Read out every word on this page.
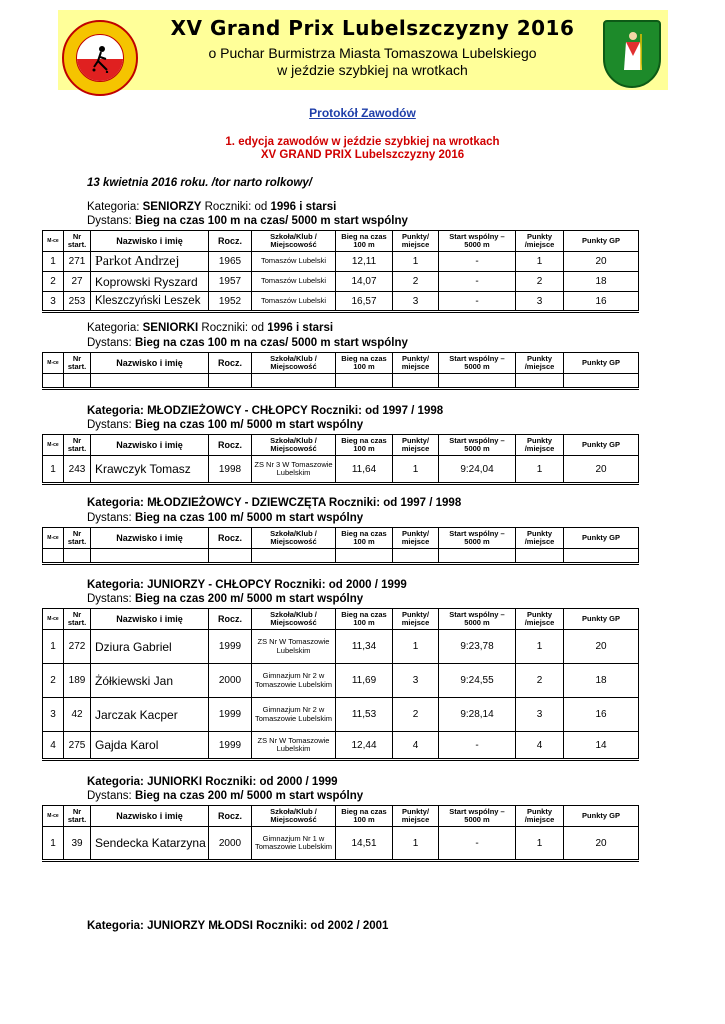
XV Grand Prix Lubelszczyzny 2016
o Puchar Burmistrza Miasta Tomaszowa Lubelskiego
w jeździe szybkiej na wrotkach
Protokół Zawodów
1. edycja zawodów w jeździe szybkiej na wrotkach
XV GRAND PRIX Lubelszczyzny 2016
13 kwietnia 2016 roku. /tor narto rolkowy/
Kategoria: SENIORZY Roczniki: od 1996 i starsi
Dystans: Bieg na czas 100 m na czas/ 5000 m start wspólny
M-ce	Nr start.	Nazwisko i imię	Rocz.	Szkoła/Klub / Miejscowość	Bieg na czas 100 m	Punkty/ miejsce	Start wspólny – 5000 m	Punkty /miejsce	Punkty GP
1	271	Parkot Andrzej	1965	Tomaszów Lubelski	12,11	1	-	1	20
2	27	Koprowski Ryszard	1957	Tomaszów Lubelski	14,07	2	-	2	18
3	253	Kleszczyński Leszek	1952	Tomaszów Lubelski	16,57	3	-	3	16
Kategoria: SENIORKI Roczniki: od 1996 i starsi
Dystans: Bieg na czas 100 m na czas/ 5000 m start wspólny
M-ce	Nr start.	Nazwisko i imię	Rocz.	Szkoła/Klub / Miejscowość	Bieg na czas 100 m	Punkty/ miejsce	Start wspólny – 5000 m	Punkty /miejsce	Punkty GP

Kategoria: MŁODZIEŻOWCY - CHŁOPCY Roczniki: od 1997 / 1998
Dystans: Bieg na czas 100 m/ 5000 m start wspólny
M-ce	Nr start.	Nazwisko i imię	Rocz.	Szkoła/Klub / Miejscowość	Bieg na czas 100 m	Punkty/ miejsce	Start wspólny – 5000 m	Punkty /miejsce	Punkty GP
1	243	Krawczyk Tomasz	1998	ZS Nr 3 W Tomaszowie Lubelskim	11,64	1	9:24,04	1	20
Kategoria: MŁODZIEŻOWCY - DZIEWCZĘTA Roczniki: od 1997 / 1998
Dystans: Bieg na czas 100 m/ 5000 m start wspólny
M-ce	Nr start.	Nazwisko i imię	Rocz.	Szkoła/Klub / Miejscowość	Bieg na czas 100 m	Punkty/ miejsce	Start wspólny – 5000 m	Punkty /miejsce	Punkty GP

Kategoria: JUNIORZY - CHŁOPCY Roczniki: od 2000 / 1999
Dystans: Bieg na czas 200 m/ 5000 m start wspólny
M-ce	Nr start.	Nazwisko i imię	Rocz.	Szkoła/Klub / Miejscowość	Bieg na czas 100 m	Punkty/ miejsce	Start wspólny – 5000 m	Punkty /miejsce	Punkty GP
1	272	Dziura Gabriel	1999	ZS Nr W Tomaszowie Lubelskim	11,34	1	9:23,78	1	20
2	189	Żółkiewski Jan	2000	Gimnazjum Nr 2 w Tomaszowie Lubelskim	11,69	3	9:24,55	2	18
3	42	Jarczak Kacper	1999	Gimnazjum Nr 2 w Tomaszowie Lubelskim	11,53	2	9:28,14	3	16
4	275	Gajda Karol	1999	ZS Nr W Tomaszowie Lubelskim	12,44	4	-	4	14
Kategoria: JUNIORKI Roczniki: od 2000 / 1999
Dystans: Bieg na czas 200 m/ 5000 m start wspólny
M-ce	Nr start.	Nazwisko i imię	Rocz.	Szkoła/Klub / Miejscowość	Bieg na czas 100 m	Punkty/ miejsce	Start wspólny – 5000 m	Punkty /miejsce	Punkty GP
1	39	Sendecka Katarzyna	2000	Gimnazjum Nr 1 w Tomaszowie Lubelskim	14,51	1	-	1	20
Kategoria: JUNIORZY MŁODSI Roczniki: od 2002 / 2001
